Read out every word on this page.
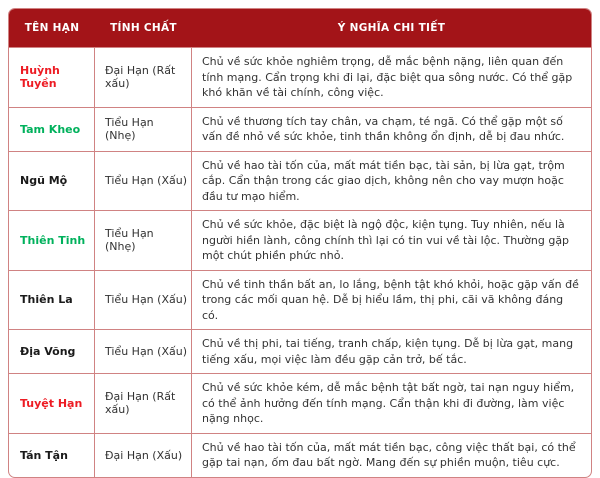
TÊN HẠN	TÍNH CHẤT	Ý NGHĨA CHI TIẾT
Huỳnh Tuyền	Đại Hạn (Rất xấu)	Chủ về sức khỏe nghiêm trọng, dễ mắc bệnh nặng, liên quan đến tính mạng. Cẩn trọng khi đi lại, đặc biệt qua sông nước. Có thể gặp khó khăn về tài chính, công việc.
Tam Kheo	Tiểu Hạn (Nhẹ)	Chủ về thương tích tay chân, va chạm, té ngã. Có thể gặp một số vấn đề nhỏ về sức khỏe, tinh thần không ổn định, dễ bị đau nhức.
Ngũ Mộ	Tiểu Hạn (Xấu)	Chủ về hao tài tốn của, mất mát tiền bạc, tài sản, bị lừa gạt, trộm cắp. Cẩn thận trong các giao dịch, không nên cho vay mượn hoặc đầu tư mạo hiểm.
Thiên Tinh	Tiểu Hạn (Nhẹ)	Chủ về sức khỏe, đặc biệt là ngộ độc, kiện tụng. Tuy nhiên, nếu là người hiền lành, công chính thì lại có tin vui về tài lộc. Thường gặp một chút phiền phức nhỏ.
Thiên La	Tiểu Hạn (Xấu)	Chủ về tinh thần bất an, lo lắng, bệnh tật khó khỏi, hoặc gặp vấn đề trong các mối quan hệ. Dễ bị hiểu lầm, thị phi, cãi vã không đáng có.
Địa Võng	Tiểu Hạn (Xấu)	Chủ về thị phi, tai tiếng, tranh chấp, kiện tụng. Dễ bị lừa gạt, mang tiếng xấu, mọi việc làm đều gặp cản trở, bế tắc.
Tuyệt Hạn	Đại Hạn (Rất xấu)	Chủ về sức khỏe kém, dễ mắc bệnh tật bất ngờ, tai nạn nguy hiểm, có thể ảnh hưởng đến tính mạng. Cẩn thận khi đi đường, làm việc nặng nhọc.
Tán Tận	Đại Hạn (Xấu)	Chủ về hao tài tốn của, mất mát tiền bạc, công việc thất bại, có thể gặp tai nạn, ốm đau bất ngờ. Mang đến sự phiền muộn, tiêu cực.
